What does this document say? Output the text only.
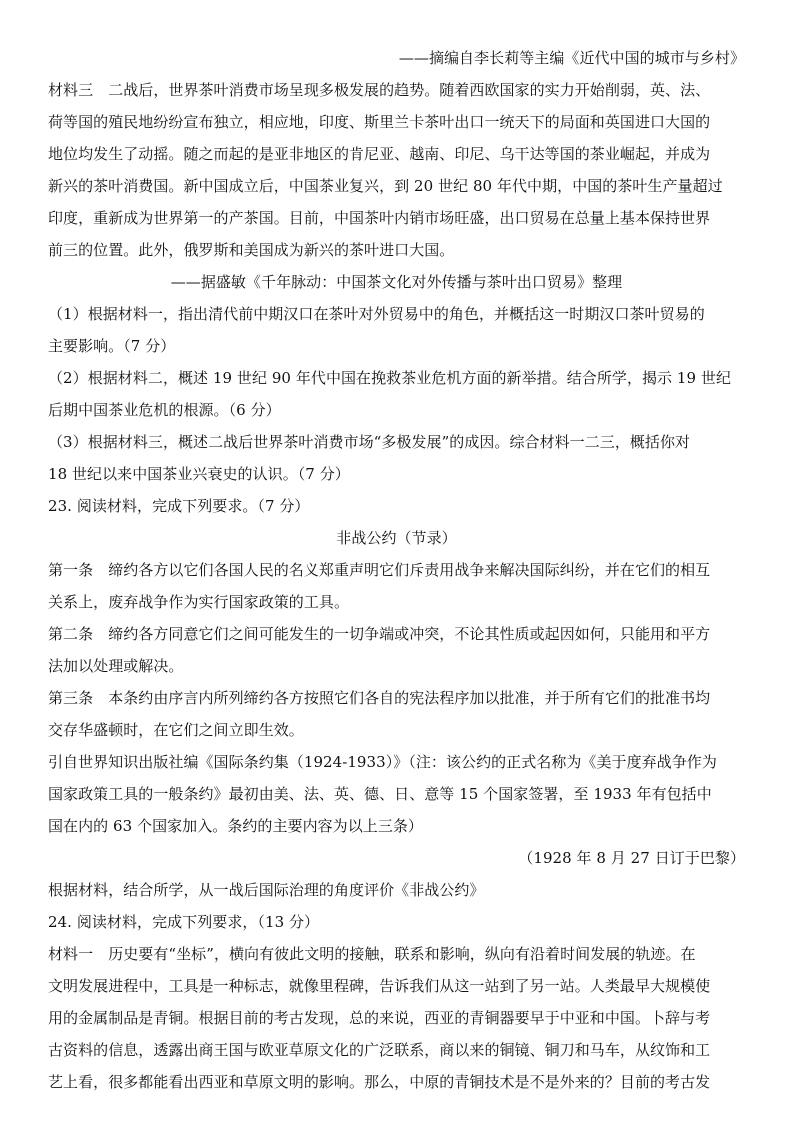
——摘编自李长莉等主编《近代中国的城市与乡村》
材料三　二战后，世界茶叶消费市场呈现多极发展的趋势。随着西欧国家的实力开始削弱，英、法、
荷等国的殖民地纷纷宣布独立，相应地，印度、斯里兰卡茶叶出口一统天下的局面和英国进口大国的
地位均发生了动摇。随之而起的是亚非地区的肯尼亚、越南、印尼、乌干达等国的茶业崛起，并成为
新兴的茶叶消费国。新中国成立后，中国茶业复兴，到 20 世纪 80 年代中期，中国的茶叶生产量超过
印度，重新成为世界第一的产茶国。目前，中国茶叶内销市场旺盛，出口贸易在总量上基本保持世界
前三的位置。此外，俄罗斯和美国成为新兴的茶叶进口大国。
——据盛敏《千年脉动：中国茶文化对外传播与茶叶出口贸易》整理
（1）根据材料一，指出清代前中期汉口在茶叶对外贸易中的角色，并概括这一时期汉口茶叶贸易的
主要影响。（7 分）
（2）根据材料二，概述 19 世纪 90 年代中国在挽救茶业危机方面的新举措。结合所学，揭示 19 世纪
后期中国茶业危机的根源。（6 分）
（3）根据材料三，概述二战后世界茶叶消费市场“多极发展”的成因。综合材料一二三，概括你对
18 世纪以来中国茶业兴衰史的认识。（7 分）
23. 阅读材料，完成下列要求。（7 分）
非战公约（节录）
第一条　缔约各方以它们各国人民的名义郑重声明它们斥责用战争来解决国际纠纷，并在它们的相互
关系上，废弃战争作为实行国家政策的工具。
第二条　缔约各方同意它们之间可能发生的一切争端或冲突，不论其性质或起因如何，只能用和平方
法加以处理或解决。
第三条　本条约由序言内所列缔约各方按照它们各自的宪法程序加以批准，并于所有它们的批准书均
交存华盛顿时，在它们之间立即生效。
引自世界知识出版社编《国际条约集（1924-1933）》（注：该公约的正式名称为《美于度弃战争作为
国家政策工具的一般条约》最初由美、法、英、德、日、意等 15 个国家签署，至 1933 年有包括中
国在内的 63 个国家加入。条约的主要内容为以上三条）
（1928 年 8 月 27 日订于巴黎）
根据材料，结合所学，从一战后国际治理的角度评价《非战公约》
24. 阅读材料，完成下列要求，（13 分）
材料一　历史要有“坐标”，横向有彼此文明的接触，联系和影响，纵向有沿着时间发展的轨迹。在
文明发展进程中，工具是一种标志，就像里程碑，告诉我们从这一站到了另一站。人类最早大规模使
用的金属制品是青铜。根据目前的考古发现，总的来说，西亚的青铜器要早于中亚和中国。卜辞与考
古资料的信息，透露出商王国与欧亚草原文化的广泛联系，商以来的铜镜、铜刀和马车，从纹饰和工
艺上看，很多都能看出西亚和草原文明的影响。那么，中原的青铜技术是不是外来的？目前的考古发
